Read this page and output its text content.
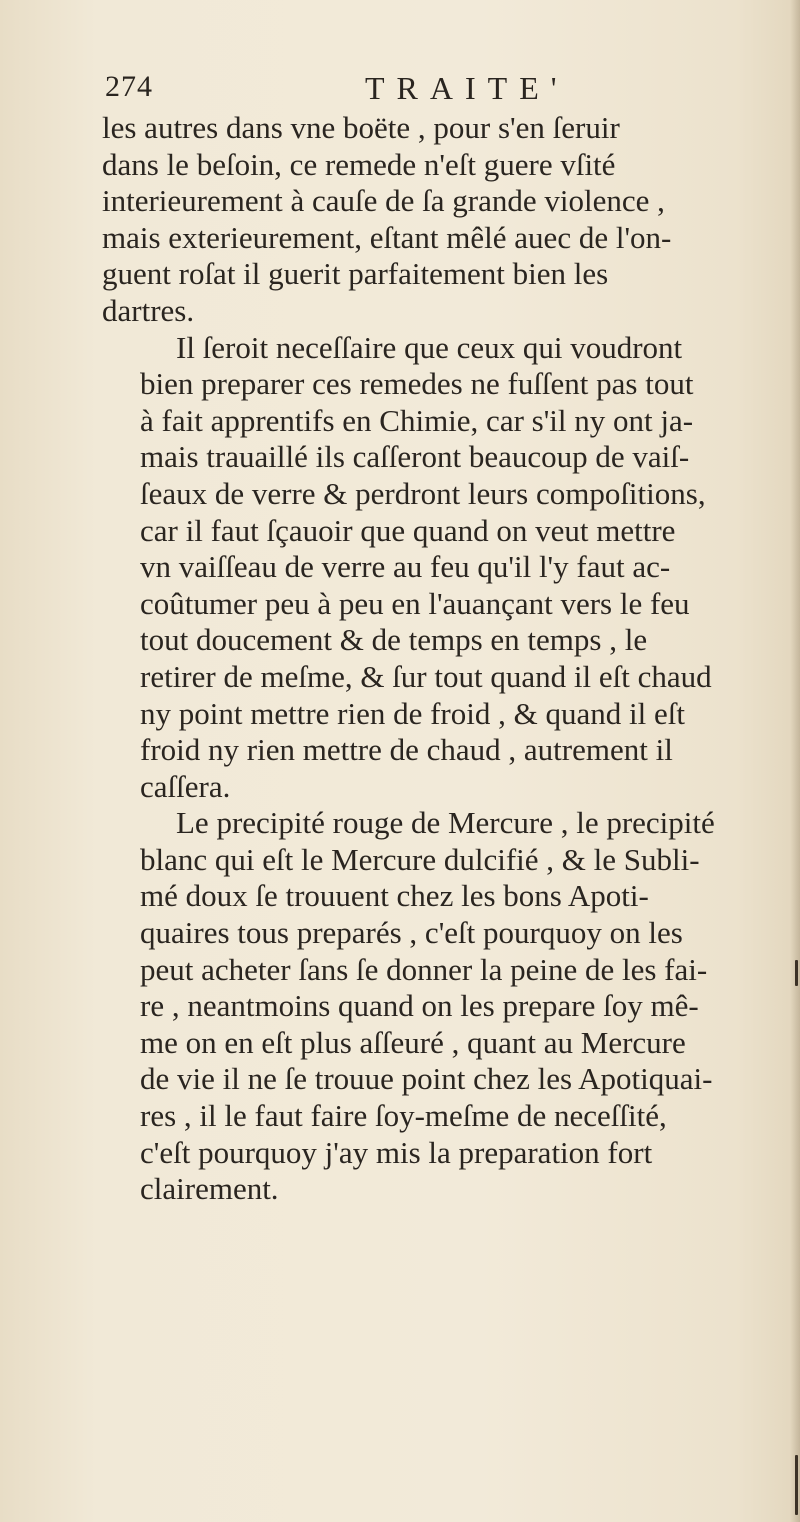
274	TRAITE'

les autres dans vne boëte , pour s'en ſeruir
dans le beſoin, ce remede n'eſt guere vſité
interieurement à cauſe de ſa grande violence ,
mais exterieurement, eſtant mêlé auec de l'on-
guent roſat il guerit parfaitement bien les
dartres.

Il ſeroit neceſſaire que ceux qui voudront
bien preparer ces remedes ne fuſſent pas tout
à fait apprentifs en Chimie, car s'il ny ont ja-
mais trauaillé ils caſſeront beaucoup de vaiſ-
ſeaux de verre & perdront leurs compoſitions,
car il faut ſçauoir que quand on veut mettre
vn vaiſſeau de verre au feu qu'il l'y faut ac-
coûtumer peu à peu en l'auançant vers le feu
tout doucement & de temps en temps , le
retirer de meſme, & ſur tout quand il eſt chaud
ny point mettre rien de froid , & quand il eſt
froid ny rien mettre de chaud , autrement il
caſſera.

Le precipité rouge de Mercure , le precipité
blanc qui eſt le Mercure dulcifié , & le Subli-
mé doux ſe trouuent chez les bons Apoti-
quaires tous preparés , c'eſt pourquoy on les
peut acheter ſans ſe donner la peine de les fai-
re , neantmoins quand on les prepare ſoy mê-
me on en eſt plus aſſeuré , quant au Mercure
de vie il ne ſe trouue point chez les Apotiquai-
res , il le faut faire ſoy-meſme de neceſſité,
c'eſt pourquoy j'ay mis la preparation fort
clairement.
